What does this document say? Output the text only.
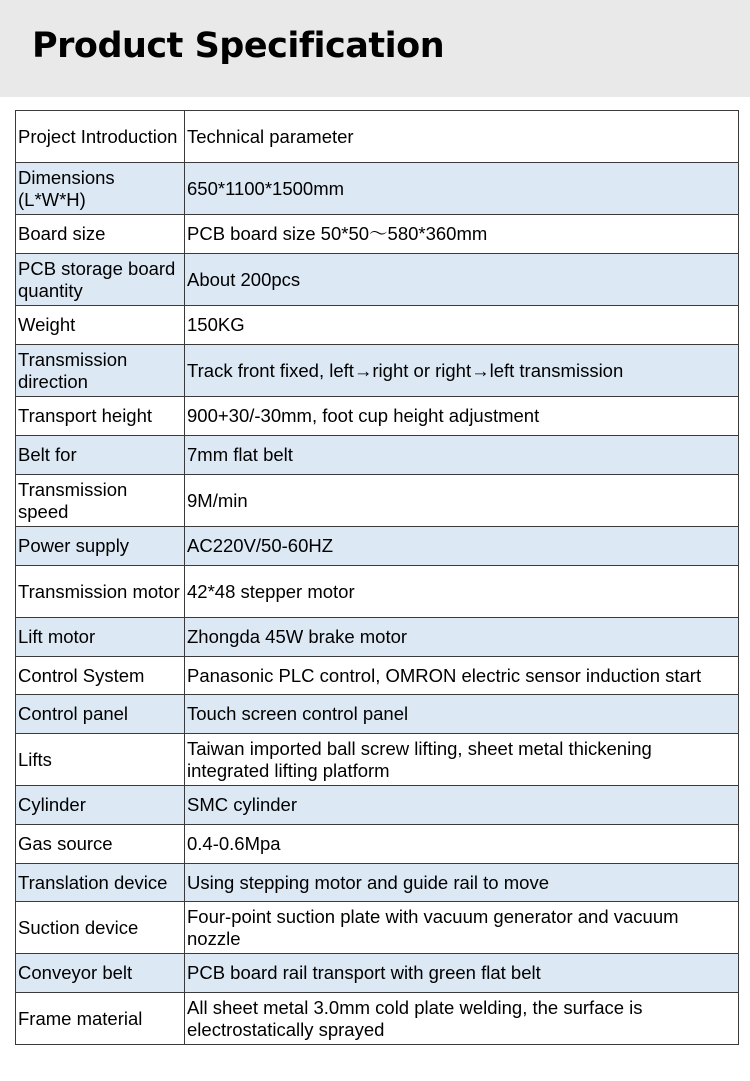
Product Specification
Project Introduction	Technical parameter
Dimensions (L*W*H)	650*1100*1500mm
Board size	PCB board size 50*50～580*360mm
PCB storage board quantity	About 200pcs
Weight	150KG
Transmission direction	Track front fixed, left→right or right→left transmission
Transport height	900+30/-30mm, foot cup height adjustment
Belt for	7mm flat belt
Transmission speed	9M/min
Power supply	AC220V/50-60HZ
Transmission motor	42*48 stepper motor
Lift motor	Zhongda 45W brake motor
Control System	Panasonic PLC control, OMRON electric sensor induction start
Control panel	Touch screen control panel
Lifts	Taiwan imported ball screw lifting, sheet metal thickening integrated lifting platform
Cylinder	SMC cylinder
Gas source	0.4-0.6Mpa
Translation device	Using stepping motor and guide rail to move
Suction device	Four-point suction plate with vacuum generator and vacuum nozzle
Conveyor belt	PCB board rail transport with green flat belt
Frame material	All sheet metal 3.0mm cold plate welding, the surface is electrostatically sprayed
